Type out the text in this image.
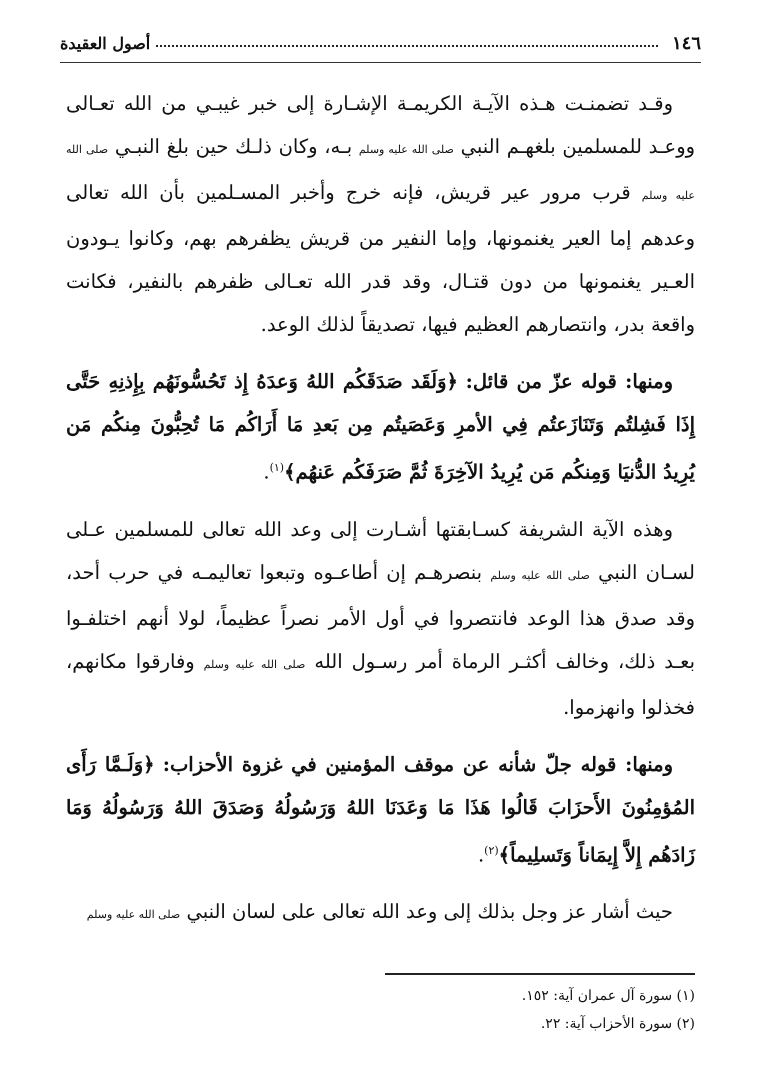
١٤٦
أصول العقيدة

وقـد تضمنـت هـذه الآيـة الكريمـة الإشـارة إلى خبر غيبـي من الله تعـالى ووعـد للمسلمين بلغهـم النبي صلى الله عليه وسلم بـه، وكان ذلـك حين بلغ النبـي صلى الله عليه وسلم قرب مرور عير قريش، فإنه خرج وأخبر المسـلمين بأن الله تعالى وعدهم إما العير يغنمونها، وإما النفير من قريش يظفرهم بهم، وكانوا يـودون العـير يغنمونها من دون قتـال، وقد قدر الله تعـالى ظفرهم بالنفير، فكانت واقعة بدر، وانتصارهم العظيم فيها، تصديقاً لذلك الوعد.

ومنها: قوله عزّ من قائل: ﴿وَلَقَد صَدَقَكُم اللهُ وَعدَهُ إِذ تَحُسُّونَهُم بِإِذنِهِ حَتَّى إِذَا فَشِلتُم وَتَنَازَعتُم فِي الأمرِ وَعَصَيتُم مِن بَعدِ مَا أَرَاكُم مَا تُحِبُّونَ مِنكُم مَن يُرِيدُ الدُّنيَا وَمِنكُم مَن يُرِيدُ الآخِرَةَ ثُمَّ صَرَفَكُم عَنهُم﴾$^{(١)}$.

وهذه الآية الشريفة كسـابقتها أشـارت إلى وعد الله تعالى للمسلمين عـلى لسـان النبي صلى الله عليه وسلم بنصرهـم إن أطاعـوه وتبعوا تعاليمـه في حرب أحد، وقد صدق هذا الوعد فانتصروا في أول الأمر نصراً عظيماً، لولا أنهم اختلفـوا بعـد ذلك، وخالف أكثـر الرماة أمر رسـول الله صلى الله عليه وسلم وفارقوا مكانهم، فخذلوا وانهزموا.

ومنها: قوله جلّ شأنه عن موقف المؤمنين في غزوة الأحزاب: ﴿وَلَـمَّا رَأَى المُؤمِنُونَ الأَحزَابَ قَالُوا هَذَا مَا وَعَدَنَا اللهُ وَرَسُولُهُ وَصَدَقَ اللهُ وَرَسُولُهُ وَمَا زَادَهُم إِلاَّ إِيمَاناً وَتَسلِيماً﴾$^{(٢)}$.

حيث أشار عز وجل بذلك إلى وعد الله تعالى على لسان النبي صلى الله عليه وسلم

(١) سورة آل عمران آية: ١٥٢.

(٢) سورة الأحزاب آية: ٢٢.
